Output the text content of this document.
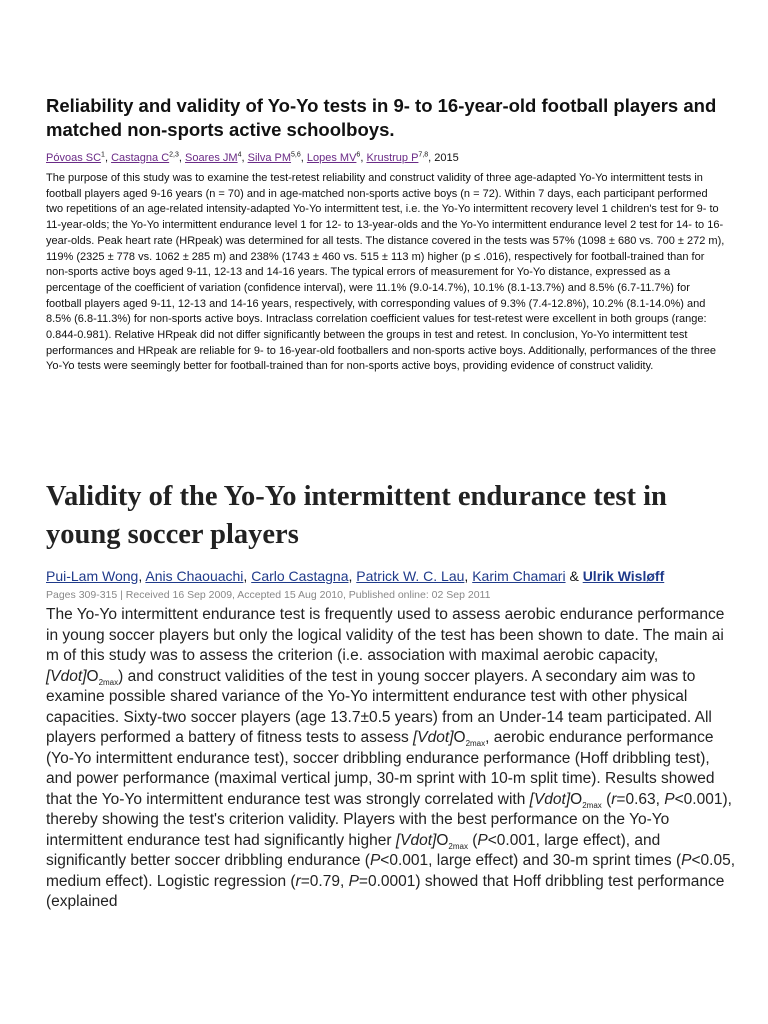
Reliability and validity of Yo-Yo tests in 9- to 16-year-old football players and matched non-sports active schoolboys.

Póvoas $SC^1$, Castagna C$^{2,3}$, Soares $JM^4$, Silva PM$^{5,6}$, Lopes $MV^6$, Krustrup P$^{7,8}$, 2015

The purpose of this study was to examine the test-retest reliability and construct validity of three age-adapted Yo-Yo intermittent tests in football players aged 9-16 years (n = 70) and in age-matched non-sports active boys (n = 72). Within 7 days, each participant performed two repetitions of an age-related intensity-adapted Yo-Yo intermittent test, i.e. the Yo-Yo intermittent recovery level 1 children's test for 9- to 11-year-olds; the Yo-Yo intermittent endurance level 1 for 12- to 13-year-olds and the Yo-Yo intermittent endurance level 2 test for 14- to 16-year-olds. Peak heart rate (HRpeak) was determined for all tests. The distance covered in the tests was 57% (1098 ± 680 vs. 700 ± 272 m), 119% (2325 ± 778 vs. 1062 ± 285 m) and 238% (1743 ± 460 vs. 515 ± 113 m) higher (p ≤ .016), respectively for football-trained than for non-sports active boys aged 9-11, 12-13 and 14-16 years. The typical errors of measurement for Yo-Yo distance, expressed as a percentage of the coefficient of variation (confidence interval), were 11.1% (9.0-14.7%), 10.1% (8.1-13.7%) and 8.5% (6.7-11.7%) for football players aged 9-11, 12-13 and 14-16 years, respectively, with corresponding values of 9.3% (7.4-12.8%), 10.2% (8.1-14.0%) and 8.5% (6.8-11.3%) for non-sports active boys. Intraclass correlation coefficient values for test-retest were excellent in both groups (range: 0.844-0.981). Relative HRpeak did not differ significantly between the groups in test and retest. In conclusion, Yo-Yo intermittent test performances and HRpeak are reliable for 9- to 16-year-old footballers and non-sports active boys. Additionally, performances of the three Yo-Yo tests were seemingly better for football-trained than for non-sports active boys, providing evidence of construct validity.

Validity of the Yo-Yo intermittent endurance test in young soccer players

Pui-Lam Wong, Anis Chaouachi, Carlo Castagna, Patrick W. C. Lau, Karim Chamari & Ulrik Wisløff

Pages 309-315 | Received 16 Sep 2009, Accepted 15 Aug 2010, Published online: 02 Sep 2011

The Yo-Yo intermittent endurance test is frequently used to assess aerobic endurance performance in young soccer players but only the logical validity of the test has been shown to date. The main ai m of this study was to assess the criterion (i.e. association with maximal aerobic capacity, $[Vdot]O_{2max}$) and construct validities of the test in young soccer players. A secondary aim was to examine possible shared variance of the Yo-Yo intermittent endurance test with other physical capacities. Sixty-two soccer players (age 13.7±0.5 years) from an Under-14 team participated. All players performed a battery of fitness tests to assess $[Vdot]O_{2max}$, aerobic endurance performance (Yo-Yo intermittent endurance test), soccer dribbling endurance performance (Hoff dribbling test), and power performance (maximal vertical jump, 30-m sprint with 10-m split time). Results showed that the Yo-Yo intermittent endurance test was strongly correlated with $[Vdot]O_{2max}$ (r=0.63, P<0.001), thereby showing the test's criterion validity. Players with the best performance on the Yo-Yo intermittent endurance test had significantly higher $[Vdot]O_{2max}$ (P<0.001, large effect), and significantly better soccer dribbling endurance (P<0.001, large effect) and 30-m sprint times (P<0.05, medium effect). Logistic regression (r=0.79, P=0.0001) showed that Hoff dribbling test performance (explained
